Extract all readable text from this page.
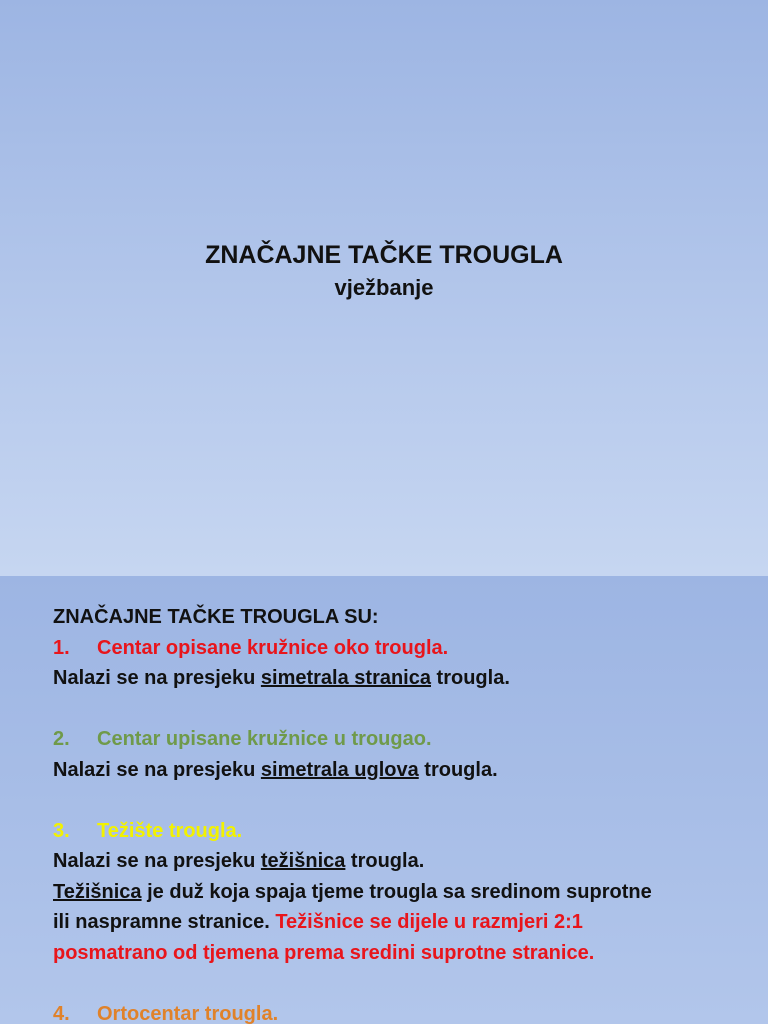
ZNAČAJNE TAČKE TROUGLA
vježbanje
ZNAČAJNE TAČKE TROUGLA SU:
1. Centar opisane kružnice oko trougla.
Nalazi se na presjeku simetrala stranica trougla.
2. Centar upisane kružnice u trougao.
Nalazi se na presjeku simetrala uglova trougla.
3. Težište trougla.
Nalazi se na presjeku težišnica trougla.
Težišnica je duž koja spaja tjeme trougla sa sredinom suprotne
ili naspramne stranice. Težišnice se dijele u razmjeri 2:1
posmatrano od tjemena prema sredini suprotne stranice.
4. Ortocentar trougla.
